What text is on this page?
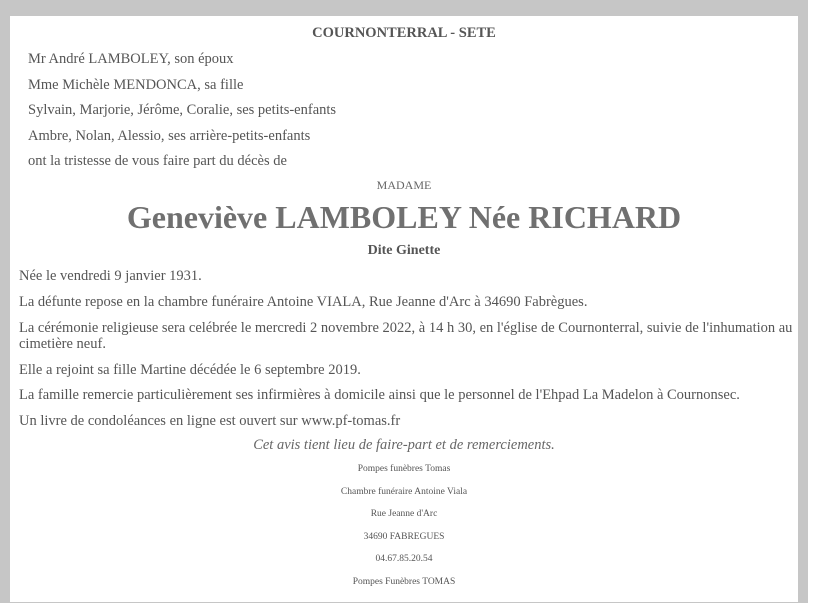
COURNONTERRAL - SETE
Mr André LAMBOLEY, son époux
Mme Michèle MENDONCA, sa fille
Sylvain, Marjorie, Jérôme, Coralie, ses petits-enfants
Ambre, Nolan, Alessio, ses arrière-petits-enfants
ont la tristesse de vous faire part du décès de
MADAME
Geneviève LAMBOLEY Née RICHARD
Dite Ginette
Née le vendredi 9 janvier 1931.
La défunte repose en la chambre funéraire Antoine VIALA, Rue Jeanne d'Arc à 34690 Fabrègues.
La cérémonie religieuse sera celébrée le mercredi 2 novembre 2022, à 14 h 30, en l'église de Cournonterral, suivie de l'inhumation au cimetière neuf.
Elle a rejoint sa fille Martine décédée le 6 septembre 2019.
La famille remercie particulièrement ses infirmières à domicile ainsi que le personnel de l'Ehpad La Madelon à Cournonsec.
Un livre de condoléances en ligne est ouvert sur www.pf-tomas.fr
Cet avis tient lieu de faire-part et de remerciements.
Pompes funèbres Tomas
Chambre funéraire Antoine Viala
Rue Jeanne d'Arc
34690 FABREGUES
04.67.85.20.54
Pompes Funèbres TOMAS
